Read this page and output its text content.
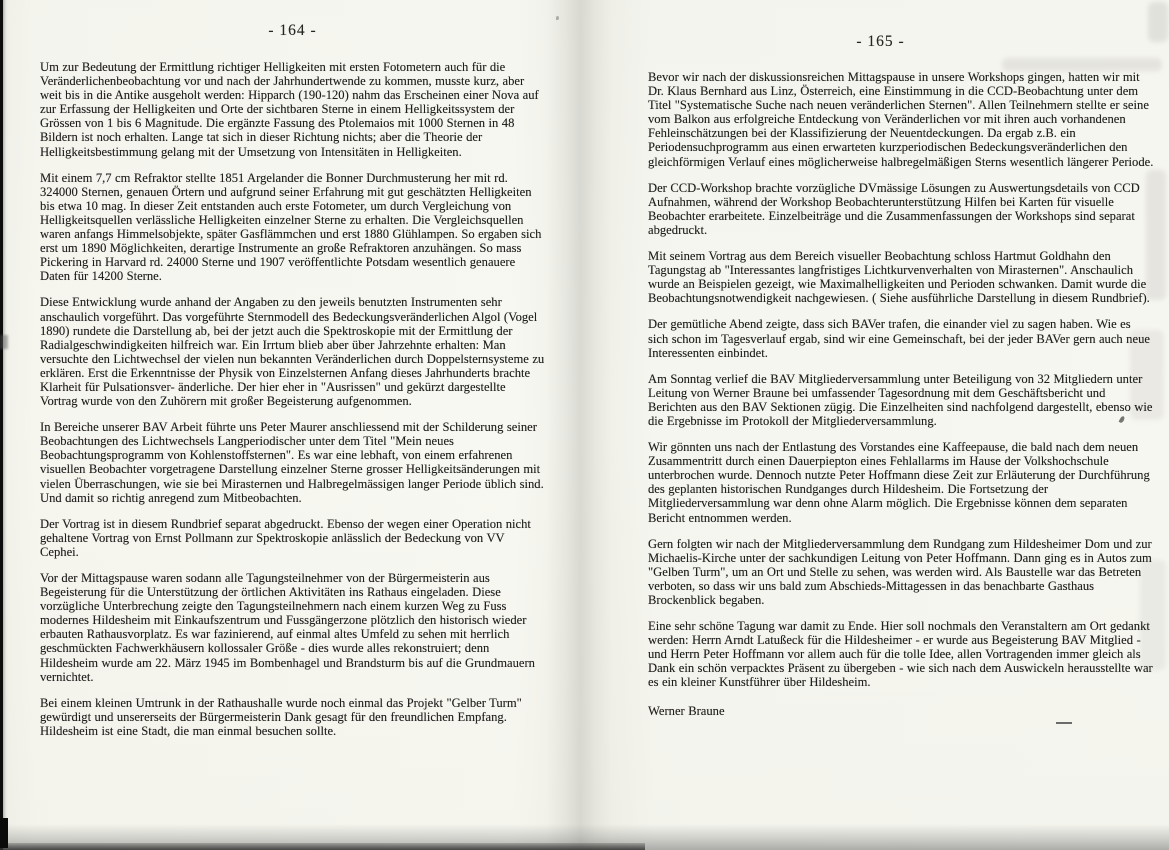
- 164 -

Um zur Bedeutung der Ermittlung richtiger Helligkeiten mit ersten Fotometern auch für die Veränderlichenbeobachtung vor und nach der Jahrhundertwende zu kommen, musste kurz, aber weit bis in die Antike ausgeholt werden: Hipparch (190-120) nahm das Erscheinen einer Nova auf zur Erfassung der Helligkeiten und Orte der sichtbaren Sterne in einem Helligkeitssystem der Grössen von 1 bis 6 Magnitude. Die ergänzte Fassung des Ptolemaios mit 1000 Sternen in 48 Bildern ist noch erhalten. Lange tat sich in dieser Richtung nichts; aber die Theorie der Helligkeitsbestimmung gelang mit der Umsetzung von Intensitäten in Helligkeiten.

Mit einem 7,7 cm Refraktor stellte 1851 Argelander die Bonner Durchmusterung her mit rd. 324000 Sternen, genauen Örtern und aufgrund seiner Erfahrung mit gut geschätzten Helligkeiten bis etwa 10 mag. In dieser Zeit entstanden auch erste Fotometer, um durch Vergleichung von Helligkeitsquellen verlässliche Helligkeiten einzelner Sterne zu erhalten. Die Vergleichsquellen waren anfangs Himmelsobjekte, später Gasflämmchen und erst 1880 Glühlampen. So ergaben sich erst um 1890 Möglichkeiten, derartige Instrumente an große Refraktoren anzuhängen. So mass Pickering in Harvard rd. 24000 Sterne und 1907 veröffentlichte Potsdam wesentlich genauere Daten für 14200 Sterne.

Diese Entwicklung wurde anhand der Angaben zu den jeweils benutzten Instrumenten sehr anschaulich vorgeführt. Das vorgeführte Sternmodell des Bedeckungsveränderlichen Algol (Vogel 1890) rundete die Darstellung ab, bei der jetzt auch die Spektroskopie mit der Ermittlung der Radialgeschwindigkeiten hilfreich war. Ein Irrtum blieb aber über Jahrzehnte erhalten: Man versuchte den Lichtwechsel der vielen nun bekannten Veränderlichen durch Doppelsternsysteme zu erklären. Erst die Erkenntnisse der Physik von Einzelsternen Anfang dieses Jahrhunderts brachte Klarheit für Pulsationsver- änderliche. Der hier eher in "Ausrissen" und gekürzt dargestellte Vortrag wurde von den Zuhörern mit großer Begeisterung aufgenommen.

In Bereiche unserer BAV Arbeit führte uns Peter Maurer anschliessend mit der Schilderung seiner Beobachtungen des Lichtwechsels Langperiodischer unter dem Titel "Mein neues Beobachtungsprogramm von Kohlenstoffsternen". Es war eine lebhaft, von einem erfahrenen visuellen Beobachter vorgetragene Darstellung einzelner Sterne grosser Helligkeitsänderungen mit vielen Überraschungen, wie sie bei Mirasternen und Halbregelmässigen langer Periode üblich sind. Und damit so richtig anregend zum Mitbeobachten.

Der Vortrag ist in diesem Rundbrief separat abgedruckt. Ebenso der wegen einer Operation nicht gehaltene Vortrag von Ernst Pollmann zur Spektroskopie anlässlich der Bedeckung von VV Cephei.

Vor der Mittagspause waren sodann alle Tagungsteilnehmer von der Bürgermeisterin aus Begeisterung für die Unterstützung der örtlichen Aktivitäten ins Rathaus eingeladen. Diese vorzügliche Unterbrechung zeigte den Tagungsteilnehmern nach einem kurzen Weg zu Fuss modernes Hildesheim mit Einkaufszentrum und Fussgängerzone plötzlich den historisch wieder erbauten Rathausvorplatz. Es war fazinierend, auf einmal altes Umfeld zu sehen mit herrlich geschmückten Fachwerkhäusern kollossaler Größe - dies wurde alles rekonstruiert; denn Hildesheim wurde am 22. März 1945 im Bombenhagel und Brandsturm bis auf die Grundmauern vernichtet.

Bei einem kleinen Umtrunk in der Rathaushalle wurde noch einmal das Projekt "Gelber Turm" gewürdigt und unsererseits der Bürgermeisterin Dank gesagt für den freundlichen Empfang. Hildesheim ist eine Stadt, die man einmal besuchen sollte.

- 165 -

Bevor wir nach der diskussionsreichen Mittagspause in unsere Workshops gingen, hatten wir mit Dr. Klaus Bernhard aus Linz, Österreich, eine Einstimmung in die CCD-Beobachtung unter dem Titel "Systematische Suche nach neuen veränderlichen Sternen". Allen Teilnehmern stellte er seine vom Balkon aus erfolgreiche Entdeckung von Veränderlichen vor mit ihren auch vorhandenen Fehleinschätzungen bei der Klassifizierung der Neuentdeckungen. Da ergab z.B. ein Periodensuchprogramm aus einen erwarteten kurzperiodischen Bedeckungsveränderlichen den gleichförmigen Verlauf eines möglicherweise halbregelmäßigen Sterns wesentlich längerer Periode.

Der CCD-Workshop brachte vorzügliche DVmässige Lösungen zu Auswertungsdetails von CCD Aufnahmen, während der Workshop Beobachterunterstützung Hilfen bei Karten für visuelle Beobachter erarbeitete. Einzelbeiträge und die Zusammenfassungen der Workshops sind separat abgedruckt.

Mit seinem Vortrag aus dem Bereich visueller Beobachtung schloss Hartmut Goldhahn den Tagungstag ab "Interessantes langfristiges Lichtkurvenverhalten von Mirasternen". Anschaulich wurde an Beispielen gezeigt, wie Maximalhelligkeiten und Perioden schwanken. Damit wurde die Beobachtungsnotwendigkeit nachgewiesen. ( Siehe ausführliche Darstellung in diesem Rundbrief).

Der gemütliche Abend zeigte, dass sich BAVer trafen, die einander viel zu sagen haben. Wie es sich schon im Tagesverlauf ergab, sind wir eine Gemeinschaft, bei der jeder BAVer gern auch neue Interessenten einbindet.

Am Sonntag verlief die BAV Mitgliederversammlung unter Beteiligung von 32 Mitgliedern unter Leitung von Werner Braune bei umfassender Tagesordnung mit dem Geschäftsbericht und Berichten aus den BAV Sektionen zügig. Die Einzelheiten sind nachfolgend dargestellt, ebenso wie die Ergebnisse im Protokoll der Mitgliederversammlung.

Wir gönnten uns nach der Entlastung des Vorstandes eine Kaffeepause, die bald nach dem neuen Zusammentritt durch einen Dauerpiepton eines Fehlallarms im Hause der Volkshochschule unterbrochen wurde. Dennoch nutzte Peter Hoffmann diese Zeit zur Erläuterung der Durchführung des geplanten historischen Rundganges durch Hildesheim. Die Fortsetzung der Mitgliederversammlung war denn ohne Alarm möglich. Die Ergebnisse können dem separaten Bericht entnommen werden.

Gern folgten wir nach der Mitgliederversammlung dem Rundgang zum Hildesheimer Dom und zur Michaelis-Kirche unter der sachkundigen Leitung von Peter Hoffmann. Dann ging es in Autos zum "Gelben Turm", um an Ort und Stelle zu sehen, was werden wird. Als Baustelle war das Betreten verboten, so dass wir uns bald zum Abschieds-Mittagessen in das benachbarte Gasthaus Brockenblick begaben.

Eine sehr schöne Tagung war damit zu Ende. Hier soll nochmals den Veranstaltern am Ort gedankt werden: Herrn Arndt Latußeck für die Hildesheimer - er wurde aus Begeisterung BAV Mitglied - und Herrn Peter Hoffmann vor allem auch für die tolle Idee, allen Vortragenden immer gleich als Dank ein schön verpacktes Präsent zu übergeben - wie sich nach dem Auswickeln herausstellte war es ein kleiner Kunstführer über Hildesheim.

Werner Braune
